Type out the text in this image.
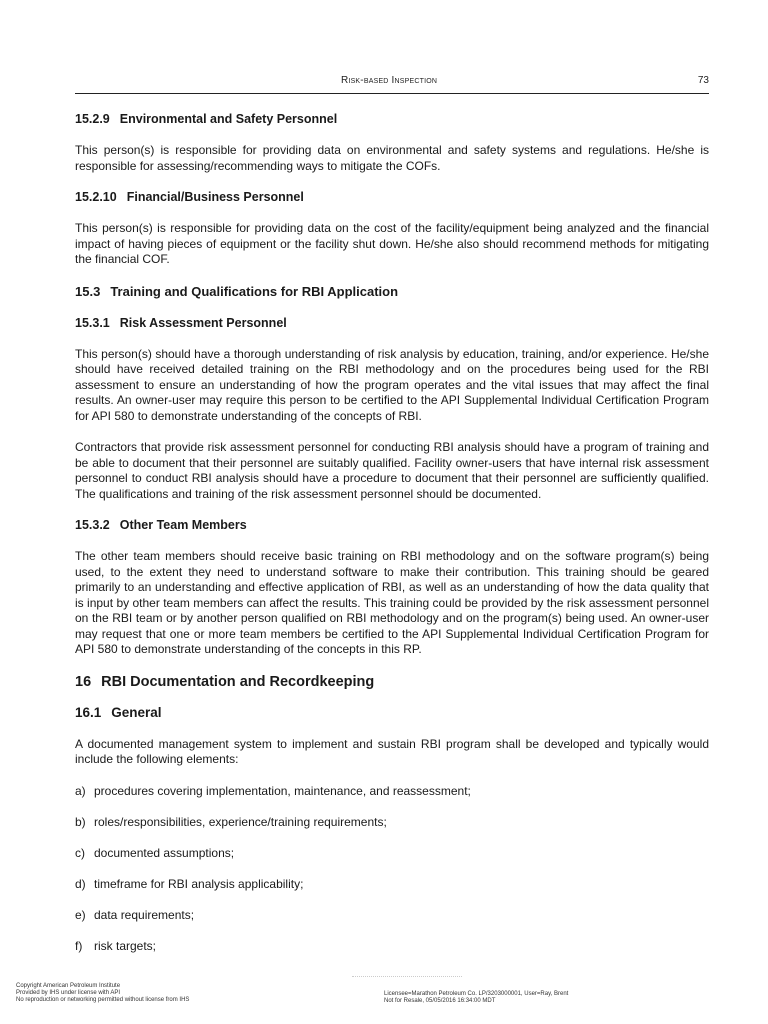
Risk-based Inspection	73
15.2.9 Environmental and Safety Personnel

This person(s) is responsible for providing data on environmental and safety systems and regulations. He/she is responsible for assessing/recommending ways to mitigate the COFs.

15.2.10 Financial/Business Personnel

This person(s) is responsible for providing data on the cost of the facility/equipment being analyzed and the financial impact of having pieces of equipment or the facility shut down. He/she also should recommend methods for mitigating the financial COF.

15.3 Training and Qualifications for RBI Application
15.3.1 Risk Assessment Personnel

This person(s) should have a thorough understanding of risk analysis by education, training, and/or experience. He/she should have received detailed training on the RBI methodology and on the procedures being used for the RBI assessment to ensure an understanding of how the program operates and the vital issues that may affect the final results. An owner-user may require this person to be certified to the API Supplemental Individual Certification Program for API 580 to demonstrate understanding of the concepts of RBI.

Contractors that provide risk assessment personnel for conducting RBI analysis should have a program of training and be able to document that their personnel are suitably qualified. Facility owner-users that have internal risk assessment personnel to conduct RBI analysis should have a procedure to document that their personnel are sufficiently qualified. The qualifications and training of the risk assessment personnel should be documented.

15.3.2 Other Team Members

The other team members should receive basic training on RBI methodology and on the software program(s) being used, to the extent they need to understand software to make their contribution. This training should be geared primarily to an understanding and effective application of RBI, as well as an understanding of how the data quality that is input by other team members can affect the results. This training could be provided by the risk assessment personnel on the RBI team or by another person qualified on RBI methodology and on the program(s) being used. An owner-user may request that one or more team members be certified to the API Supplemental Individual Certification Program for API 580 to demonstrate understanding of the concepts in this RP.

16 RBI Documentation and Recordkeeping
16.1 General

A documented management system to implement and sustain RBI program shall be developed and typically would include the following elements:

a) procedures covering implementation, maintenance, and reassessment;
b) roles/responsibilities, experience/training requirements;
c) documented assumptions;
d) timeframe for RBI analysis applicability;
e) data requirements;
f) risk targets;
Copyright American Petroleum Institute
Provided by IHS under license with API
No reproduction or networking permitted without license from IHS
Licensee=Marathon Petroleum Co. LP/3203000001, User=Ray, Brent
Not for Resale, 05/05/2016 16:34:00 MDT
